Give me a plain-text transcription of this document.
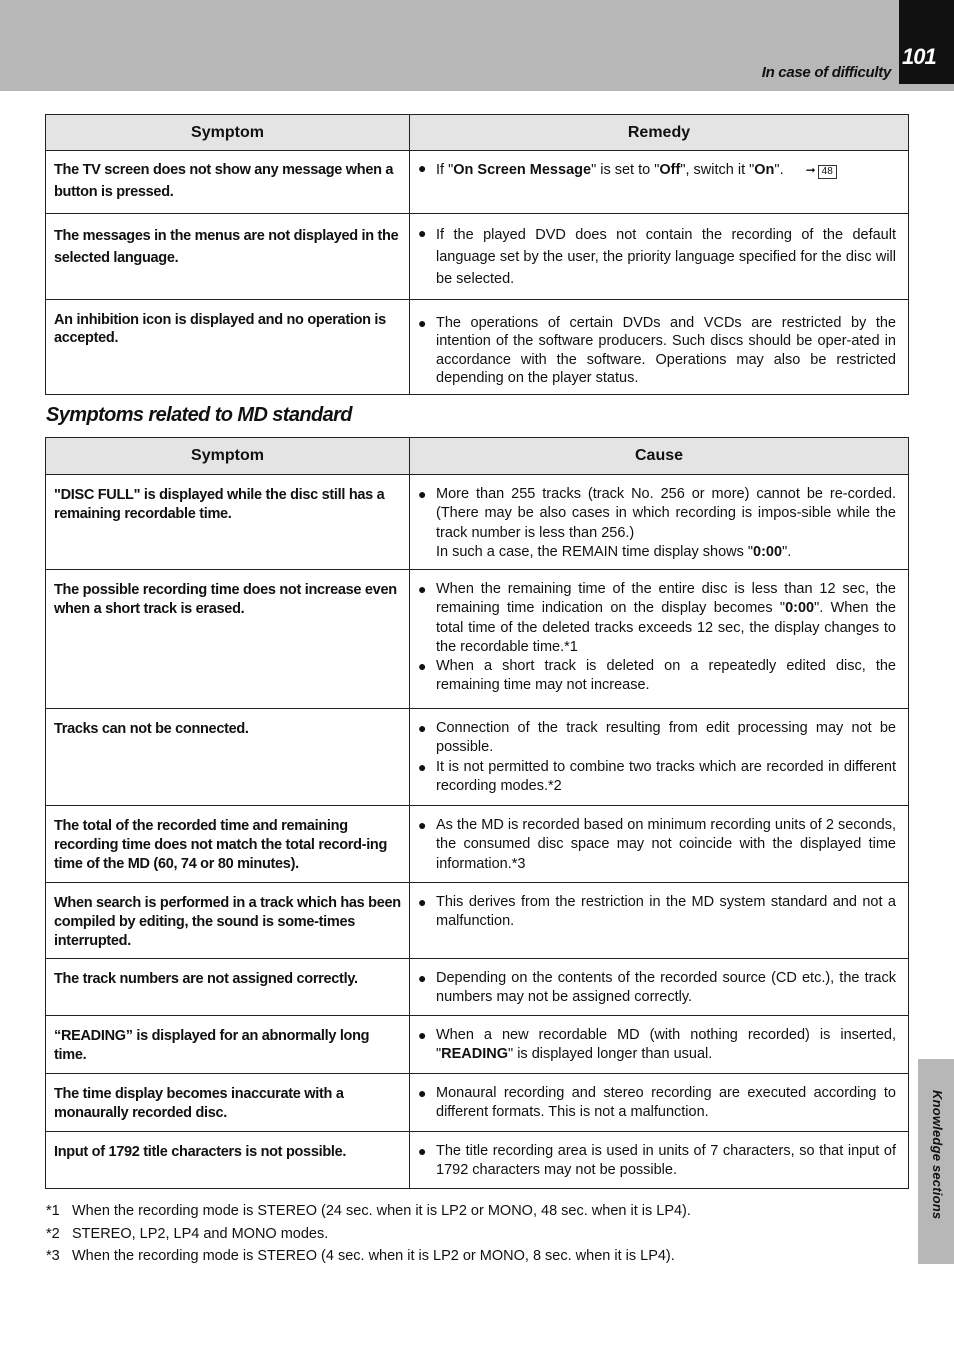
In case of difficulty
101
Symptom	Remedy
The TV screen does not show any message when a button is pressed.	● If "On Screen Message" is set to "Off", switch it "On". ➞ 48

The messages in the menus are not displayed in the selected language.	● If the played DVD does not contain the recording of the default language set by the user, the priority language specified for the disc will be selected.

An inhibition icon is displayed and no operation is accepted.	● The operations of certain DVDs and VCDs are restricted by the intention of the software producers. Such discs should be oper-ated in accordance with the software. Operations may also be restricted depending on the player status.
Symptoms related to MD standard
Symptom	Cause
"DISC FULL" is displayed while the disc still has a remaining recordable time.	● More than 255 tracks (track No. 256 or more) cannot be re-corded. (There may be also cases in which recording is impos-sible while the track number is less than 256.)
In such a case, the REMAIN time display shows "0:00".

The possible recording time does not increase even when a short track is erased.	● When the remaining time of the entire disc is less than 12 sec, the remaining time indication on the display becomes "0:00". When the total time of the deleted tracks exceeds 12 sec, the display changes to the recordable time.*1
● When a short track is deleted on a repeatedly edited disc, the remaining time may not increase.

Tracks can not be connected.	● Connection of the track resulting from edit processing may not be possible.
● It is not permitted to combine two tracks which are recorded in different recording modes.*2

The total of the recorded time and remaining recording time does not match the total record-ing time of the MD (60, 74 or 80 minutes).	● As the MD is recorded based on minimum recording units of 2 seconds, the consumed disc space may not coincide with the displayed time information.*3

When search is performed in a track which has been compiled by editing, the sound is some-times interrupted.	● This derives from the restriction in the MD system standard and not a malfunction.

The track numbers are not assigned correctly.	● Depending on the contents of the recorded source (CD etc.), the track numbers may not be assigned correctly.

“READING” is displayed for an abnormally long time.	● When a new recordable MD (with nothing recorded) is inserted, "READING" is displayed longer than usual.

The time display becomes inaccurate with a monaurally recorded disc.	● Monaural recording and stereo recording are executed according to different formats. This is not a malfunction.

Input of 1792 title characters is not possible.	● The title recording area is used in units of 7 characters, so that input of 1792 characters may not be possible.
*1 When the recording mode is STEREO (24 sec. when it is LP2 or MONO, 48 sec. when it is LP4).
*2 STEREO, LP2, LP4 and MONO modes.
*3 When the recording mode is STEREO (4 sec. when it is LP2 or MONO, 8 sec. when it is LP4).
Knowledge sections
